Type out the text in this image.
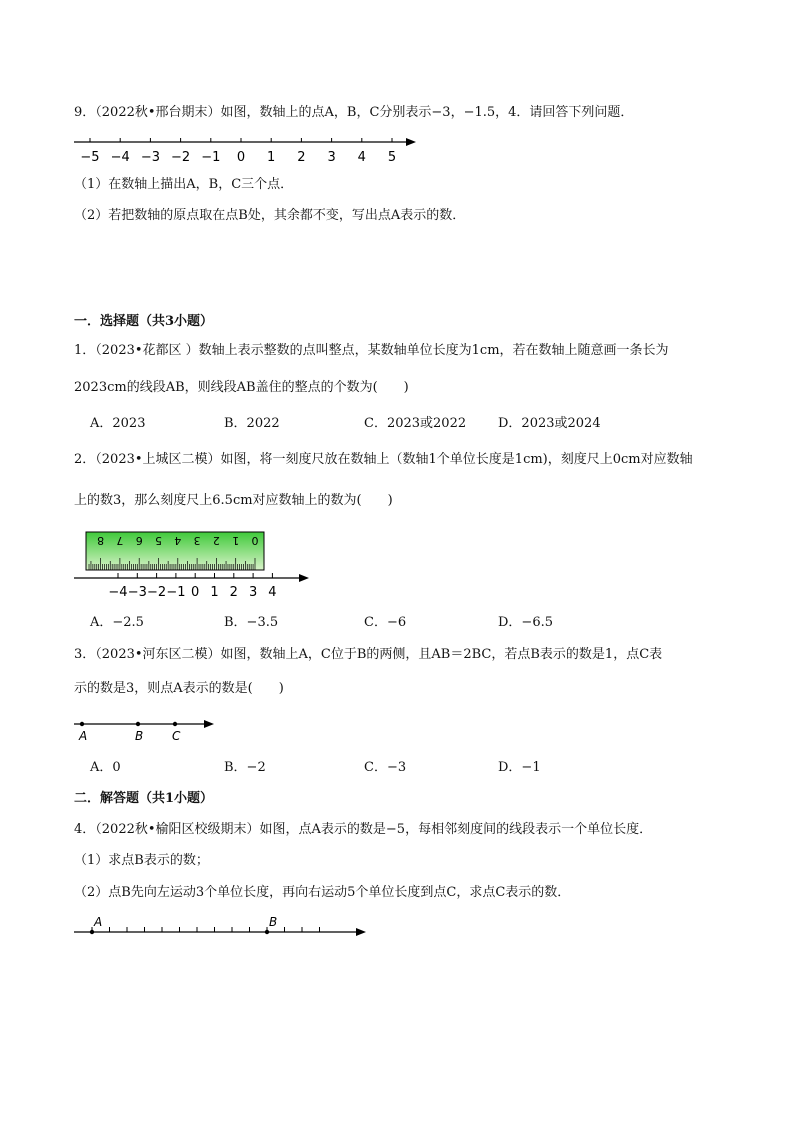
9．（2022秋•邢台期末）如图，数轴上的点A，B，C分别表示−3，−1.5，4．请回答下列问题．
−5 −4 −3 −2 −1 0 1 2 3 4 5
（1）在数轴上描出A，B，C三个点．
（2）若把数轴的原点取在点B处，其余都不变，写出点A表示的数．
一．选择题（共3小题）
1．（2023•花都区 ）数轴上表示整数的点叫整点，某数轴单位长度为1cm，若在数轴上随意画一条长为
2023cm的线段AB，则线段AB盖住的整点的个数为(　　)
A．2023	B．2022	C．2023或2022 D．2023或2024
2．（2023•上城区二模）如图，将一刻度尺放在数轴上（数轴1个单位长度是1cm)，刻度尺上0cm对应数轴
上的数3，那么刻度尺上6.5cm对应数轴上的数为(　　)
0
1
2
3
4
5
6
7
8
−4 −3 −2 −1 0 1 2 3 4
A．−2.5	B．−3.5	C．−6	D．−6.5
3．（2023•河东区二模）如图，数轴上A，C位于B的两侧，且AB＝2BC，若点B表示的数是1，点C表
示的数是3，则点A表示的数是(　　)
A	B C
A．0	B．−2	C．−3	D．−1
二．解答题（共1小题）
4．（2022秋•榆阳区校级期末）如图，点A表示的数是−5，每相邻刻度间的线段表示一个单位长度．
（1）求点B表示的数；
（2）点B先向左运动3个单位长度，再向右运动5个单位长度到点C，求点C表示的数．
A	B
